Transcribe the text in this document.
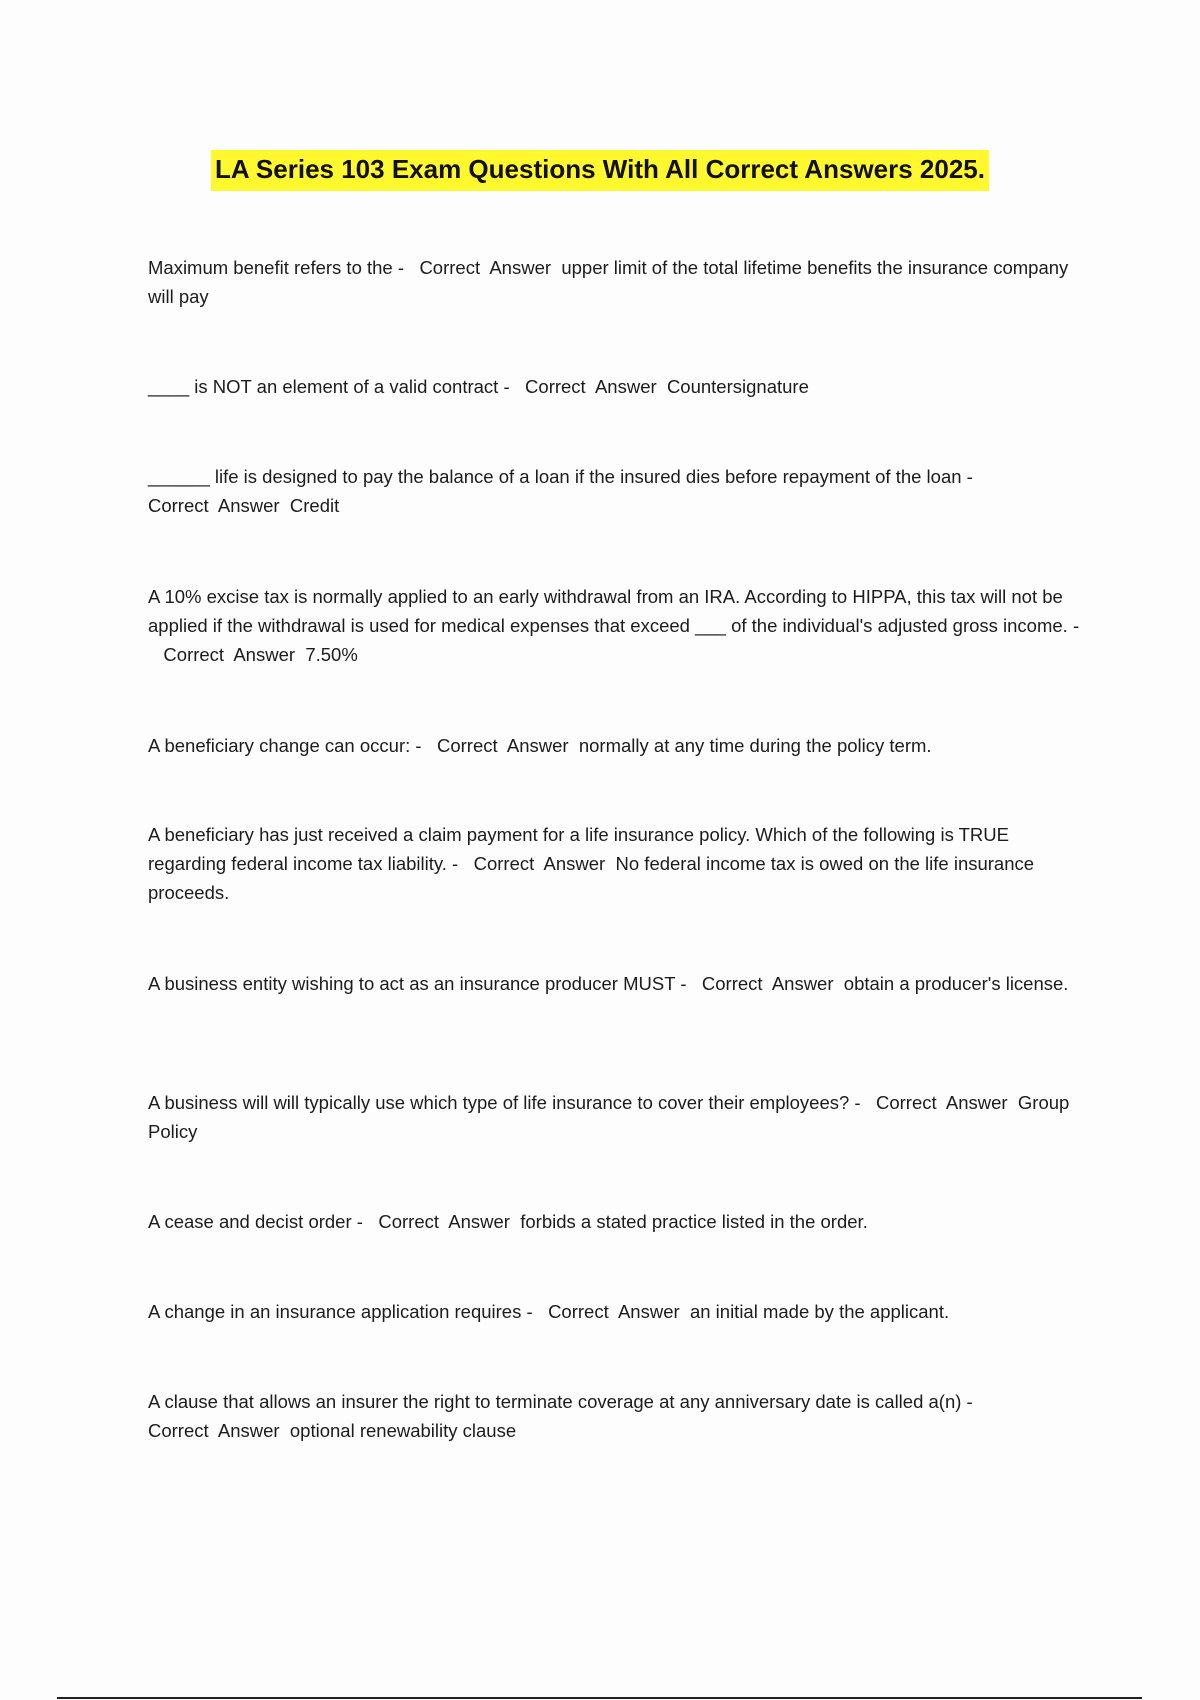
LA Series 103 Exam Questions With All Correct Answers 2025.
Maximum benefit refers to the - Correct  Answer upper limit of the total lifetime benefits the insurance company will pay
____ is NOT an element of a valid contract - Correct  Answer Countersignature
______ life is designed to pay the balance of a loan if the insured dies before repayment of the loan - Correct  Answer Credit
A 10% excise tax is normally applied to an early withdrawal from an IRA. According to HIPPA, this tax will not be applied if the withdrawal is used for medical expenses that exceed ___ of the individual's adjusted gross income. -   Correct  Answer 7.50%
A beneficiary change can occur: - Correct  Answer normally at any time during the policy term.
A beneficiary has just received a claim payment for a life insurance policy. Which of the following is TRUE regarding federal income tax liability. - Correct  Answer No federal income tax is owed on the life insurance proceeds.
A business entity wishing to act as an insurance producer MUST - Correct  Answer obtain a producer's license.
A business will will typically use which type of life insurance to cover their employees? - Correct  Answer Group Policy
A cease and decist order - Correct  Answer forbids a stated practice listed in the order.
A change in an insurance application requires - Correct  Answer an initial made by the applicant.
A clause that allows an insurer the right to terminate coverage at any anniversary date is called a(n) - Correct  Answer optional renewability clause
